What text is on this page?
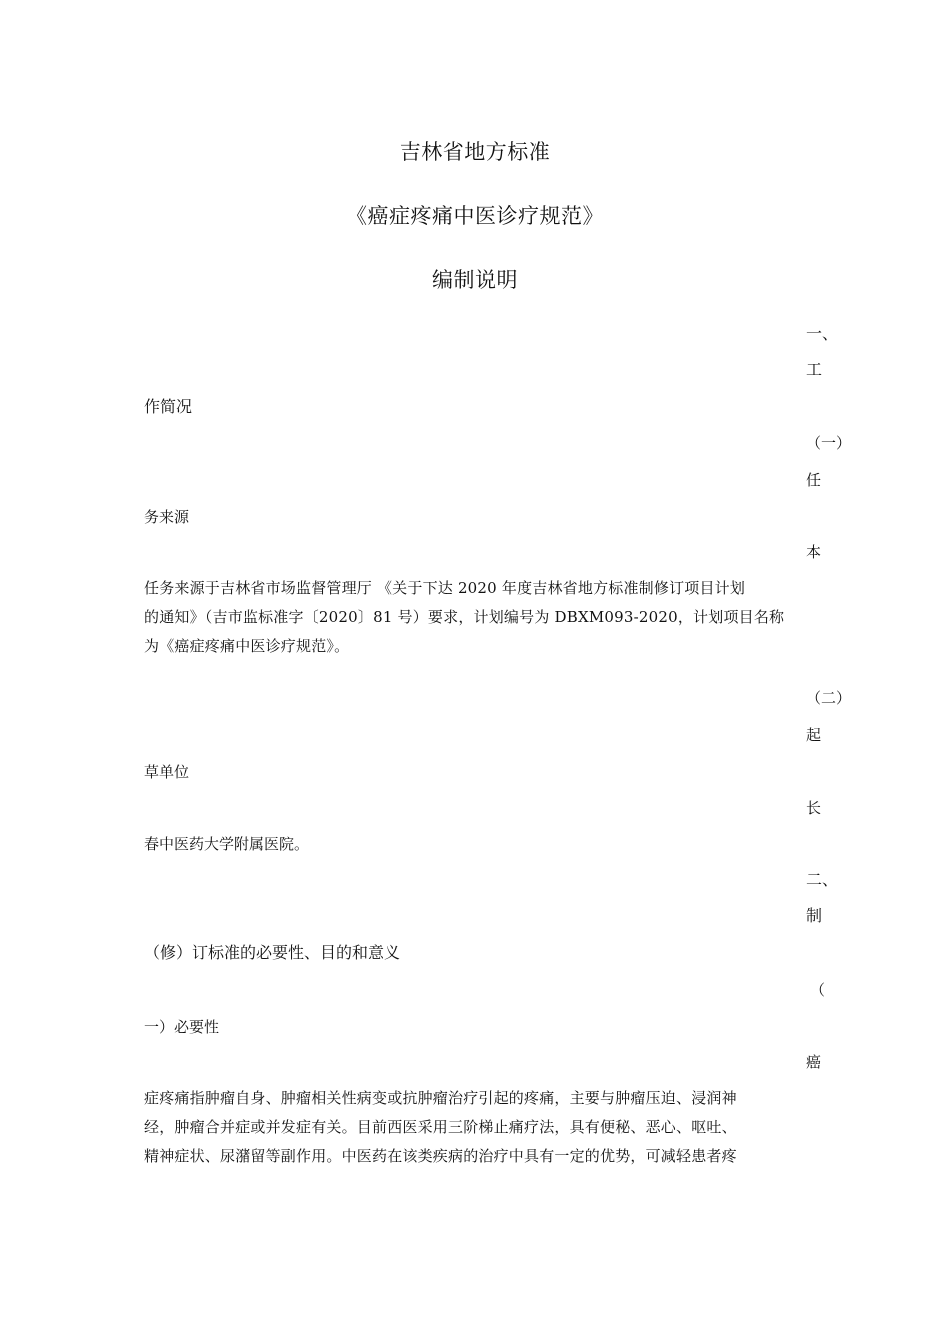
吉林省地方标准
《癌症疼痛中医诊疗规范》
编制说明
一、
工
作简况
（一）
任
务来源
本
任务来源于吉林省市场监督管理厅 《关于下达 2020 年度吉林省地方标准制修订项目计划
的通知》（吉市监标准字〔2020〕81 号）要求，计划编号为 DBXM093-2020，计划项目名称
为《癌症疼痛中医诊疗规范》。
（二）
起
草单位
长
春中医药大学附属医院。
二、
制
（修）订标准的必要性、目的和意义
（
一）必要性
癌
症疼痛指肿瘤自身、肿瘤相关性病变或抗肿瘤治疗引起的疼痛，主要与肿瘤压迫、浸润神
经，肿瘤合并症或并发症有关。目前西医采用三阶梯止痛疗法，具有便秘、恶心、呕吐、
精神症状、尿潴留等副作用。中医药在该类疾病的治疗中具有一定的优势，可减轻患者疼
